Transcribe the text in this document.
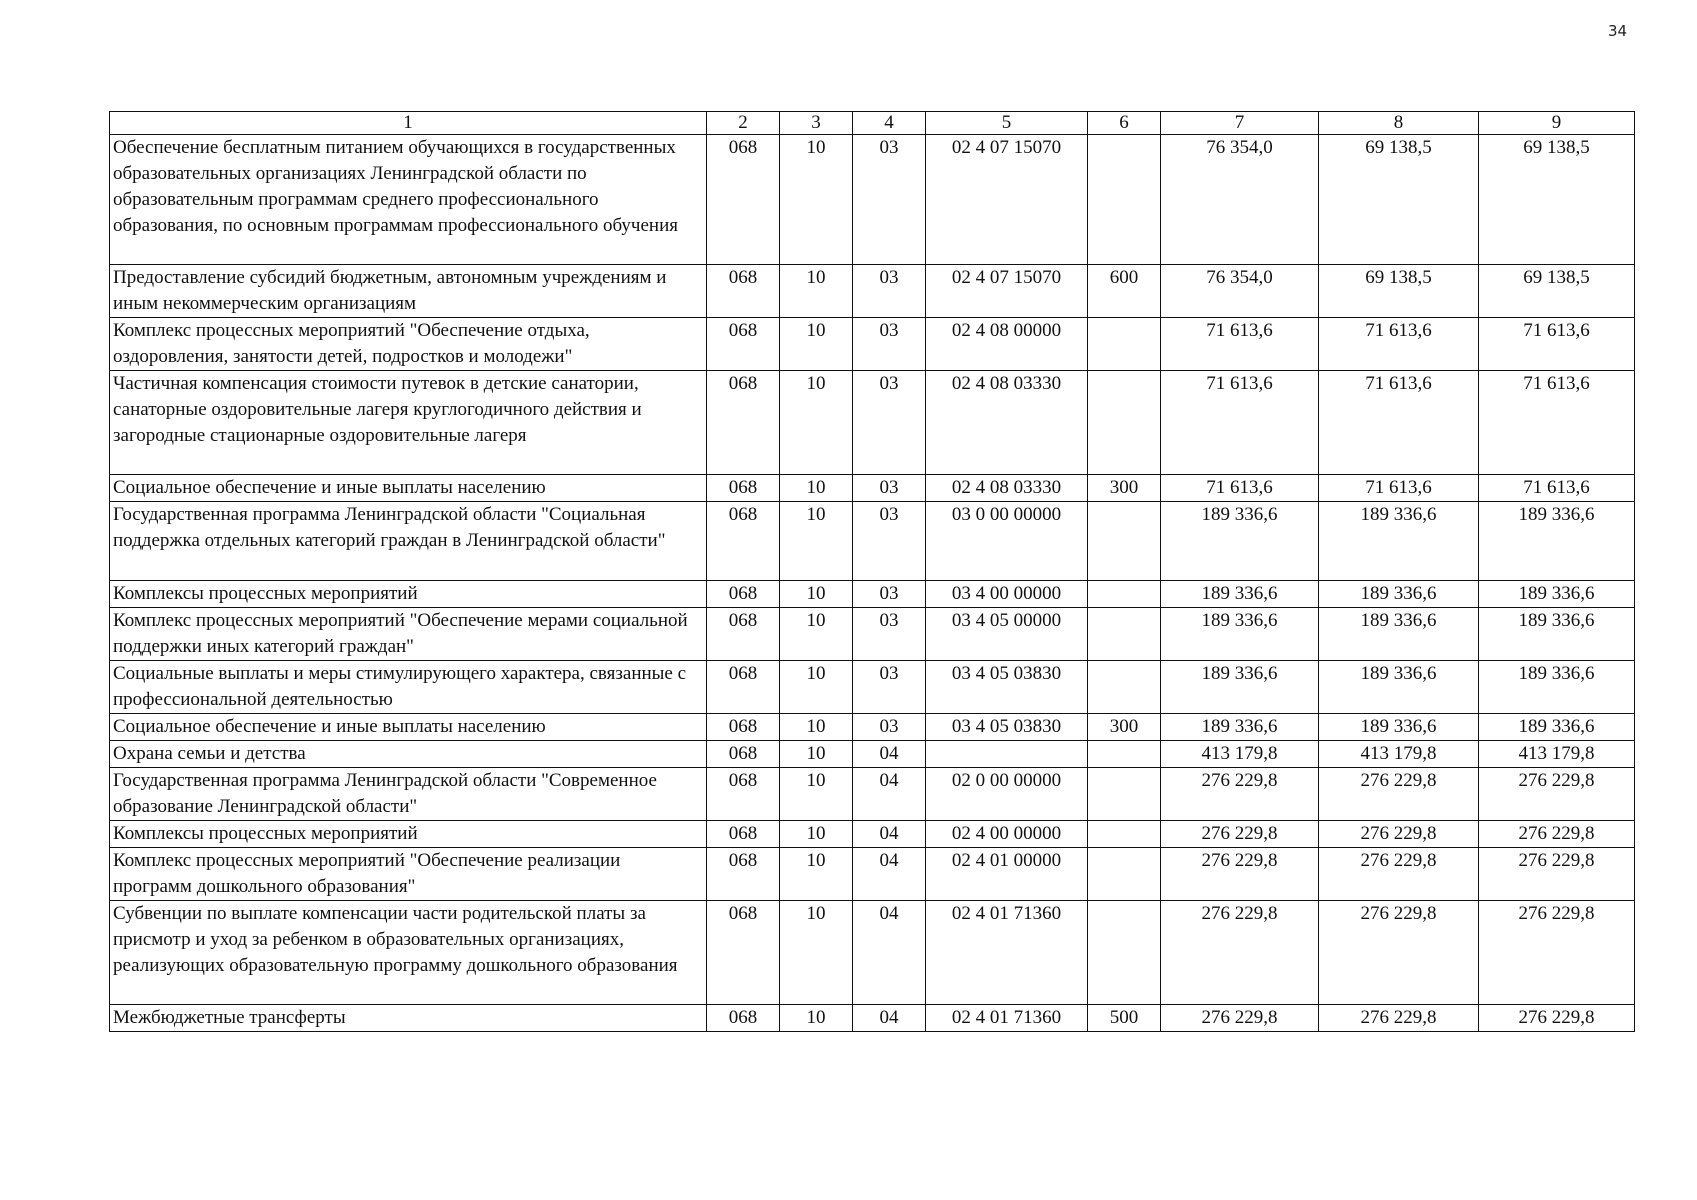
34
1	2	3	4	5	6	7	8	9
Обеспечение бесплатным питанием обучающихся в государственных образовательных организациях Ленинградской области по образовательным программам среднего профессионального образования, по основным программам профессионального обучения	068	10	03	02 4 07 15070		76 354,0	69 138,5	69 138,5
Предоставление субсидий бюджетным, автономным учреждениям и иным некоммерческим организациям	068	10	03	02 4 07 15070	600	76 354,0	69 138,5	69 138,5
Комплекс процессных мероприятий "Обеспечение отдыха, оздоровления, занятости детей, подростков и молодежи"	068	10	03	02 4 08 00000		71 613,6	71 613,6	71 613,6
Частичная компенсация стоимости путевок в детские санатории, санаторные оздоровительные лагеря круглогодичного действия и загородные стационарные оздоровительные лагеря	068	10	03	02 4 08 03330		71 613,6	71 613,6	71 613,6
Социальное обеспечение и иные выплаты населению	068	10	03	02 4 08 03330	300	71 613,6	71 613,6	71 613,6
Государственная программа Ленинградской области "Социальная поддержка отдельных категорий граждан в Ленинградской области"	068	10	03	03 0 00 00000		189 336,6	189 336,6	189 336,6
Комплексы процессных мероприятий	068	10	03	03 4 00 00000		189 336,6	189 336,6	189 336,6
Комплекс процессных мероприятий "Обеспечение мерами социальной поддержки иных категорий граждан"	068	10	03	03 4 05 00000		189 336,6	189 336,6	189 336,6
Социальные выплаты и меры стимулирующего характера, связанные с профессиональной деятельностью	068	10	03	03 4 05 03830		189 336,6	189 336,6	189 336,6
Социальное обеспечение и иные выплаты населению	068	10	03	03 4 05 03830	300	189 336,6	189 336,6	189 336,6
Охрана семьи и детства	068	10	04			413 179,8	413 179,8	413 179,8
Государственная программа Ленинградской области "Современное образование Ленинградской области"	068	10	04	02 0 00 00000		276 229,8	276 229,8	276 229,8
Комплексы процессных мероприятий	068	10	04	02 4 00 00000		276 229,8	276 229,8	276 229,8
Комплекс процессных мероприятий "Обеспечение реализации программ дошкольного образования"	068	10	04	02 4 01 00000		276 229,8	276 229,8	276 229,8
Субвенции по выплате компенсации части родительской платы за присмотр и уход за ребенком в образовательных организациях, реализующих образовательную программу дошкольного образования	068	10	04	02 4 01 71360		276 229,8	276 229,8	276 229,8
Межбюджетные трансферты	068	10	04	02 4 01 71360	500	276 229,8	276 229,8	276 229,8
